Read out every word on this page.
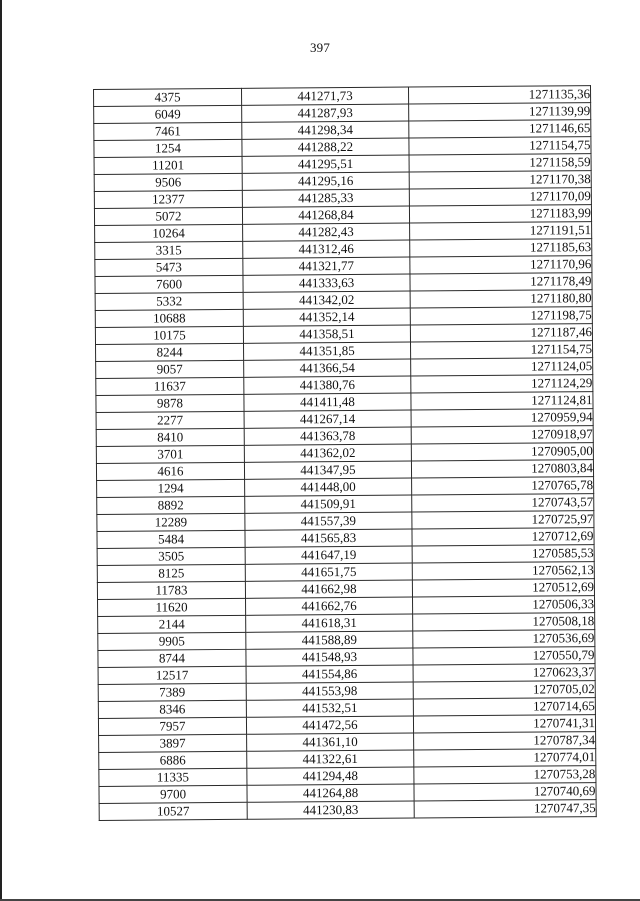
397
4375	441271,73	1271135,36
6049	441287,93	1271139,99
7461	441298,34	1271146,65
1254	441288,22	1271154,75
11201	441295,51	1271158,59
9506	441295,16	1271170,38
12377	441285,33	1271170,09
5072	441268,84	1271183,99
10264	441282,43	1271191,51
3315	441312,46	1271185,63
5473	441321,77	1271170,96
7600	441333,63	1271178,49
5332	441342,02	1271180,80
10688	441352,14	1271198,75
10175	441358,51	1271187,46
8244	441351,85	1271154,75
9057	441366,54	1271124,05
11637	441380,76	1271124,29
9878	441411,48	1271124,81
2277	441267,14	1270959,94
8410	441363,78	1270918,97
3701	441362,02	1270905,00
4616	441347,95	1270803,84
1294	441448,00	1270765,78
8892	441509,91	1270743,57
12289	441557,39	1270725,97
5484	441565,83	1270712,69
3505	441647,19	1270585,53
8125	441651,75	1270562,13
11783	441662,98	1270512,69
11620	441662,76	1270506,33
2144	441618,31	1270508,18
9905	441588,89	1270536,69
8744	441548,93	1270550,79
12517	441554,86	1270623,37
7389	441553,98	1270705,02
8346	441532,51	1270714,65
7957	441472,56	1270741,31
3897	441361,10	1270787,34
6886	441322,61	1270774,01
11335	441294,48	1270753,28
9700	441264,88	1270740,69
10527	441230,83	1270747,35
